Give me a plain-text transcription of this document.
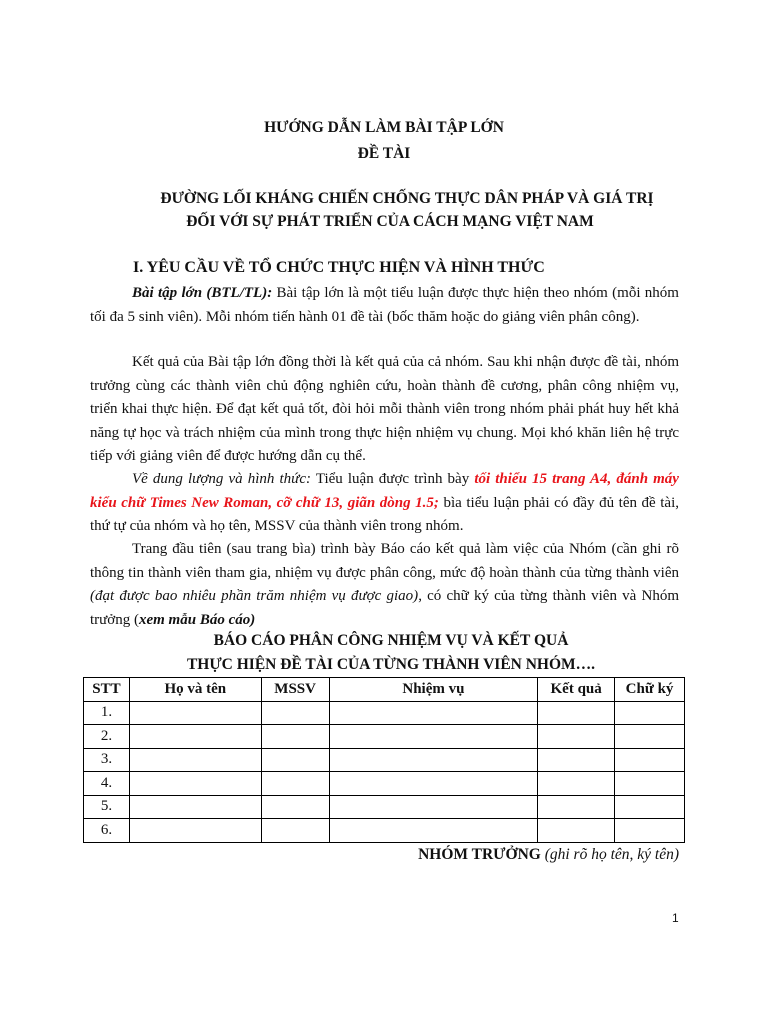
HƯỚNG DẪN LÀM BÀI TẬP LỚN
ĐỀ TÀI
ĐƯỜNG LỐI KHÁNG CHIẾN CHỐNG THỰC DÂN PHÁP VÀ GIÁ TRỊ
ĐỐI VỚI SỰ PHÁT TRIỂN CỦA CÁCH MẠNG VIỆT NAM
I. YÊU CẦU VỀ TỔ CHỨC THỰC HIỆN VÀ HÌNH THỨC

Bài tập lớn (BTL/TL): Bài tập lớn là một tiểu luận được thực hiện theo nhóm (mỗi nhóm tối đa 5 sinh viên). Mỗi nhóm tiến hành 01 đề tài (bốc thăm hoặc do giảng viên phân công).

Kết quả của Bài tập lớn đồng thời là kết quả của cả nhóm. Sau khi nhận được đề tài, nhóm trưởng cùng các thành viên chủ động nghiên cứu, hoàn thành đề cương, phân công nhiệm vụ, triển khai thực hiện. Để đạt kết quả tốt, đòi hỏi mỗi thành viên trong nhóm phải phát huy hết khả năng tự học và trách nhiệm của mình trong thực hiện nhiệm vụ chung. Mọi khó khăn liên hệ trực tiếp với giảng viên để được hướng dẫn cụ thể.

Về dung lượng và hình thức: Tiểu luận được trình bày tối thiểu 15 trang A4, đánh máy kiểu chữ Times New Roman, cỡ chữ 13, giãn dòng 1.5; bìa tiểu luận phải có đầy đủ tên đề tài, thứ tự của nhóm và họ tên, MSSV của thành viên trong nhóm.

Trang đầu tiên (sau trang bìa) trình bày Báo cáo kết quả làm việc của Nhóm (cần ghi rõ thông tin thành viên tham gia, nhiệm vụ được phân công, mức độ hoàn thành của từng thành viên (đạt được bao nhiêu phần trăm nhiệm vụ được giao), có chữ ký của từng thành viên và Nhóm trưởng (xem mẫu Báo cáo)

BÁO CÁO PHÂN CÔNG NHIỆM VỤ VÀ KẾT QUẢ
THỰC HIỆN ĐỀ TÀI CỦA TỪNG THÀNH VIÊN NHÓM….
STT	Họ và tên	MSSV	Nhiệm vụ	Kết quả	Chữ ký
1.					
2.					
3.					
4.					
5.					
6.					
NHÓM TRƯỞNG (ghi rõ họ tên, ký tên)
1
